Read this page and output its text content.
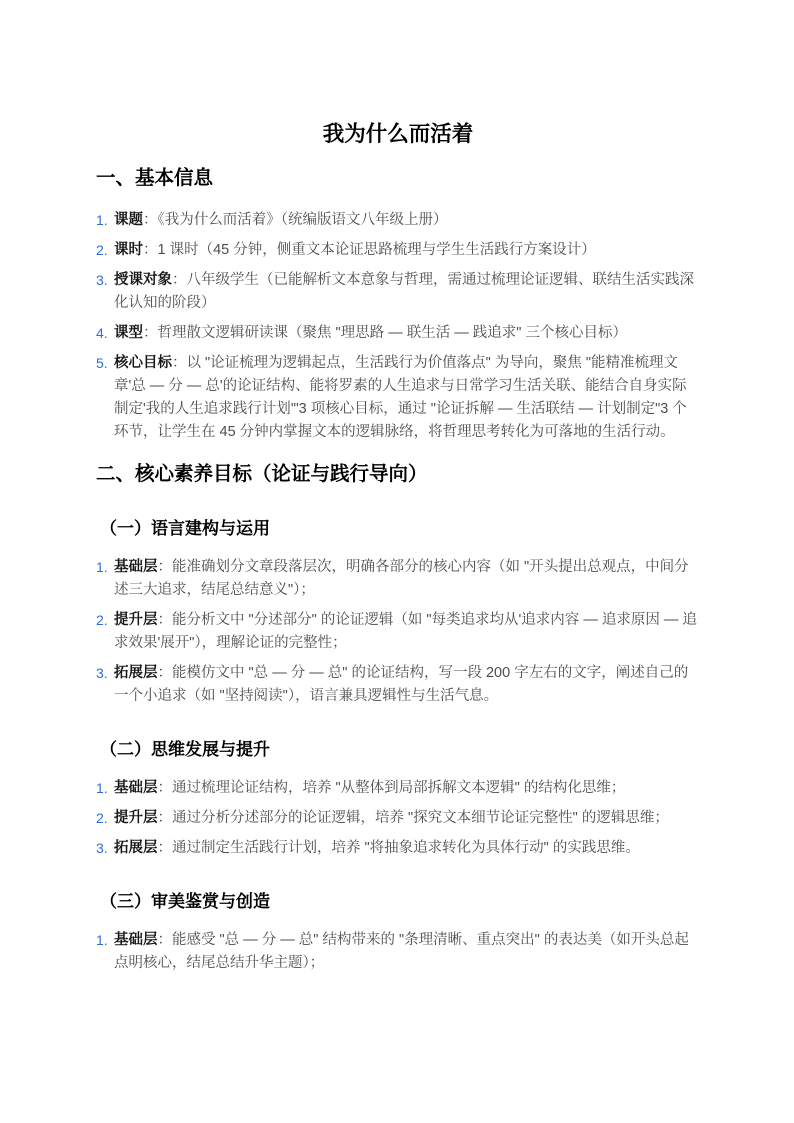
我为什么而活着
一、基本信息
1. 课题：《我为什么而活着》（统编版语文八年级上册）
2. 课时：1 课时（45 分钟，侧重文本论证思路梳理与学生生活践行方案设计）
3. 授课对象：八年级学生（已能解析文本意象与哲理，需通过梳理论证逻辑、联结生活实践深化认知的阶段）
4. 课型：哲理散文逻辑研读课（聚焦 "理思路 — 联生活 — 践追求" 三个核心目标）
5. 核心目标：以 "论证梳理为逻辑起点，生活践行为价值落点" 为导向，聚焦 "能精准梳理文章'总 — 分 — 总'的论证结构、能将罗素的人生追求与日常学习生活关联、能结合自身实际制定'我的人生追求践行计划'"3 项核心目标，通过 "论证拆解 — 生活联结 — 计划制定"3 个环节，让学生在 45 分钟内掌握文本的逻辑脉络，将哲理思考转化为可落地的生活行动。
二、核心素养目标（论证与践行导向）
（一）语言建构与运用
1. 基础层：能准确划分文章段落层次，明确各部分的核心内容（如 "开头提出总观点，中间分述三大追求，结尾总结意义"）；
2. 提升层：能分析文中 "分述部分" 的论证逻辑（如 "每类追求均从'追求内容 — 追求原因 — 追求效果'展开"），理解论证的完整性；
3. 拓展层：能模仿文中 "总 — 分 — 总" 的论证结构，写一段 200 字左右的文字，阐述自己的一个小追求（如 "坚持阅读"），语言兼具逻辑性与生活气息。
（二）思维发展与提升
1. 基础层：通过梳理论证结构，培养 "从整体到局部拆解文本逻辑" 的结构化思维；
2. 提升层：通过分析分述部分的论证逻辑，培养 "探究文本细节论证完整性" 的逻辑思维；
3. 拓展层：通过制定生活践行计划，培养 "将抽象追求转化为具体行动" 的实践思维。
（三）审美鉴赏与创造
1. 基础层：能感受 "总 — 分 — 总" 结构带来的 "条理清晰、重点突出" 的表达美（如开头总起点明核心，结尾总结升华主题）；
